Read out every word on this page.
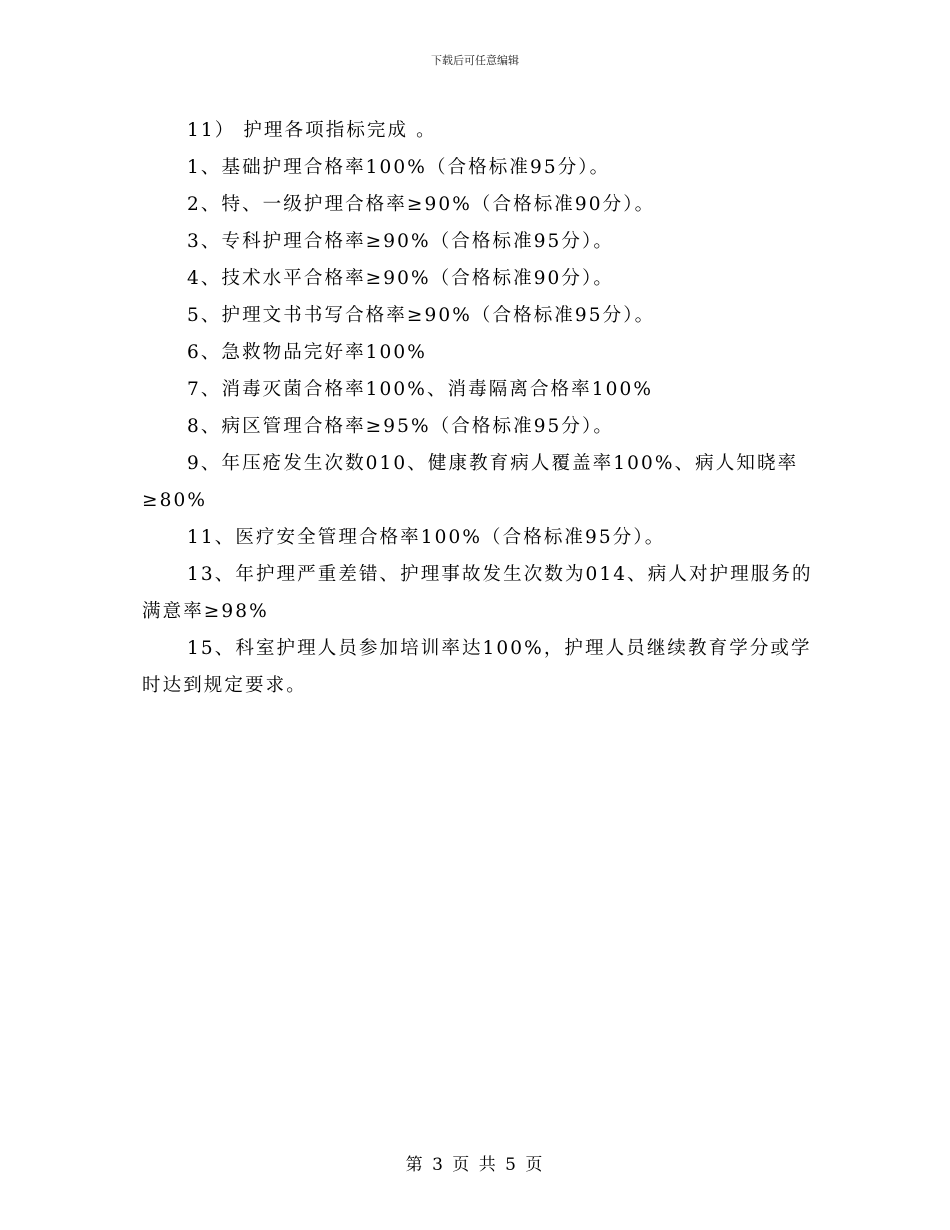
下载后可任意编辑

11） 护理各项指标完成 。

1、基础护理合格率100%（合格标准95分）。

2、特、一级护理合格率≥90%（合格标准90分）。

3、专科护理合格率≥90%（合格标准95分）。

4、技术水平合格率≥90%（合格标准90分）。

5、护理文书书写合格率≥90%（合格标准95分）。

6、急救物品完好率100%

7、消毒灭菌合格率100%、消毒隔离合格率100%

8、病区管理合格率≥95%（合格标准95分）。

9、年压疮发生次数010、健康教育病人覆盖率100%、病人知晓率≥80%

11、医疗安全管理合格率100%（合格标准95分）。

13、年护理严重差错、护理事故发生次数为014、病人对护理服务的满意率≥98%

15、科室护理人员参加培训率达100%，护理人员继续教育学分或学时达到规定要求。

第 3 页 共 5 页
